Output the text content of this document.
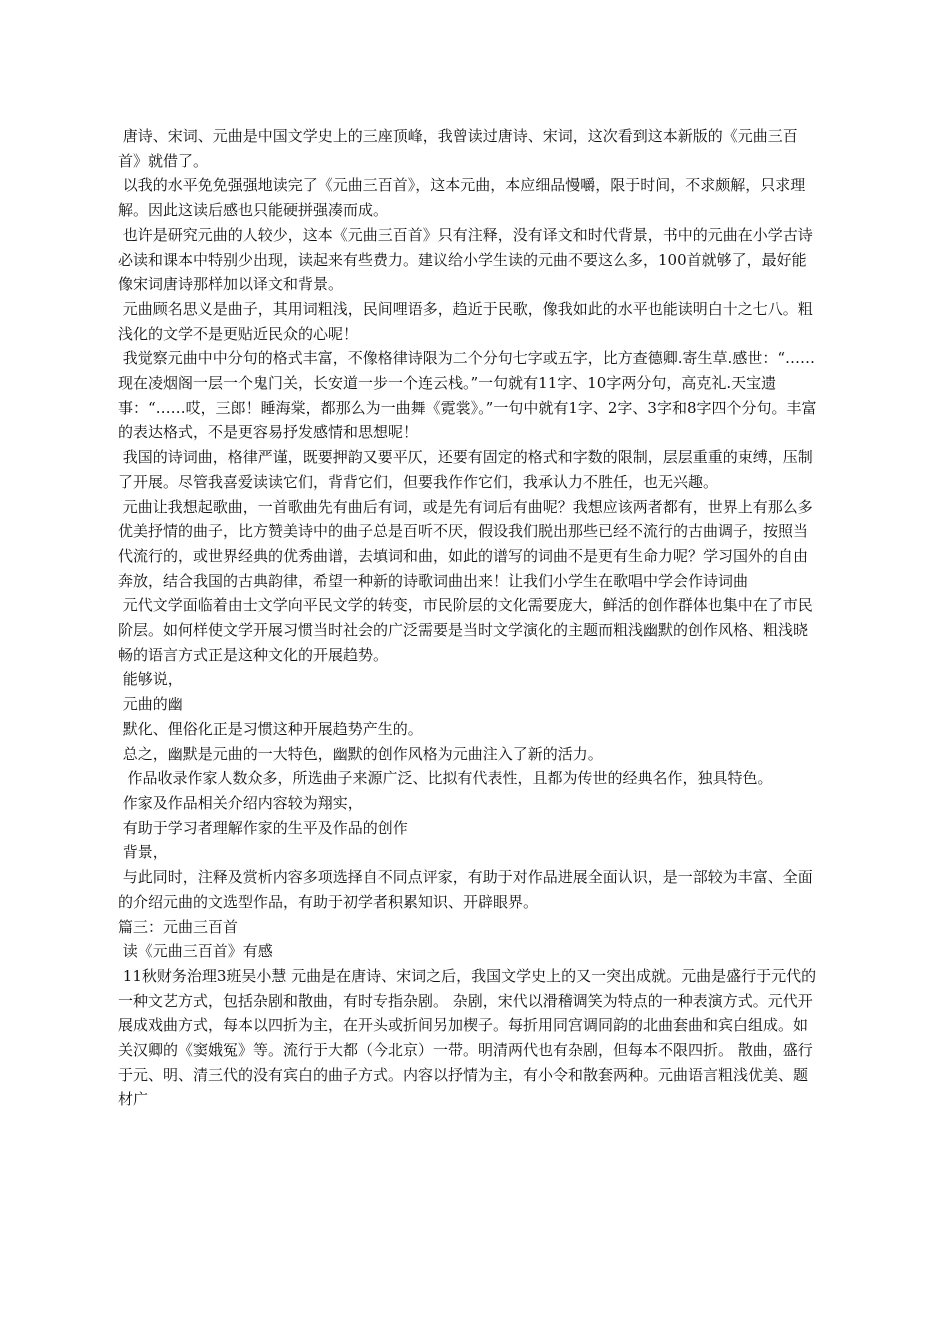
唐诗、宋词、元曲是中国文学史上的三座顶峰，我曾读过唐诗、宋词，这次看到这本新版的《元曲三百首》就借了。

以我的水平免免强强地读完了《元曲三百首》，这本元曲，本应细品慢嚼，限于时间，不求颇解，只求理解。因此这读后感也只能硬拼强凑而成。

也许是研究元曲的人较少，这本《元曲三百首》只有注释，没有译文和时代背景，书中的元曲在小学古诗必读和课本中特别少出现，读起来有些费力。建议给小学生读的元曲不要这么多，100首就够了，最好能像宋词唐诗那样加以译文和背景。

元曲顾名思义是曲子，其用词粗浅，民间哩语多，趋近于民歌，像我如此的水平也能读明白十之七八。粗浅化的文学不是更贴近民众的心呢！

我觉察元曲中中分句的格式丰富，不像格律诗限为二个分句七字或五字，比方查德卿.寄生草.感世：“……现在凌烟阁一层一个鬼门关，长安道一步一个连云栈。”一句就有11字、10字两分句，高克礼.天宝遗事：“……哎，三郎！睡海棠，都那么为一曲舞《霓裳》。”一句中就有1字、2字、3字和8字四个分句。丰富的表达格式，不是更容易抒发感情和思想呢！

我国的诗词曲，格律严谨，既要押韵又要平仄，还要有固定的格式和字数的限制，层层重重的束缚，压制了开展。尽管我喜爱读读它们，背背它们，但要我作作它们，我承认力不胜任，也无兴趣。

元曲让我想起歌曲，一首歌曲先有曲后有词，或是先有词后有曲呢？我想应该两者都有，世界上有那么多优美抒情的曲子，比方赞美诗中的曲子总是百听不厌，假设我们脱出那些已经不流行的古曲调子，按照当代流行的，或世界经典的优秀曲谱，去填词和曲，如此的谱写的词曲不是更有生命力呢？学习国外的自由奔放，结合我国的古典韵律，希望一种新的诗歌词曲出来！让我们小学生在歌唱中学会作诗词曲

元代文学面临着由士文学向平民文学的转变，市民阶层的文化需要庞大，鲜活的创作群体也集中在了市民阶层。如何样使文学开展习惯当时社会的广泛需要是当时文学演化的主题而粗浅幽默的创作风格、粗浅晓畅的语言方式正是这种文化的开展趋势。

能够说，

元曲的幽

默化、俚俗化正是习惯这种开展趋势产生的。

总之，幽默是元曲的一大特色，幽默的创作风格为元曲注入了新的活力。

作品收录作家人数众多，所选曲子来源广泛、比拟有代表性，且都为传世的经典名作，独具特色。

作家及作品相关介绍内容较为翔实，

有助于学习者理解作家的生平及作品的创作

背景，

与此同时，注释及赏析内容多项选择自不同点评家，有助于对作品进展全面认识，是一部较为丰富、全面的介绍元曲的文选型作品，有助于初学者积累知识、开辟眼界。

篇三：元曲三百首

读《元曲三百首》有感

11秋财务治理3班吴小慧 元曲是在唐诗、宋词之后，我国文学史上的又一突出成就。元曲是盛行于元代的一种文艺方式，包括杂剧和散曲，有时专指杂剧。 杂剧，宋代以滑稽调笑为特点的一种表演方式。元代开展成戏曲方式，每本以四折为主，在开头或折间另加楔子。每折用同宫调同韵的北曲套曲和宾白组成。如关汉卿的《窦娥冤》等。流行于大都（今北京）一带。明清两代也有杂剧，但每本不限四折。 散曲，盛行于元、明、清三代的没有宾白的曲子方式。内容以抒情为主，有小令和散套两种。元曲语言粗浅优美、题材广
